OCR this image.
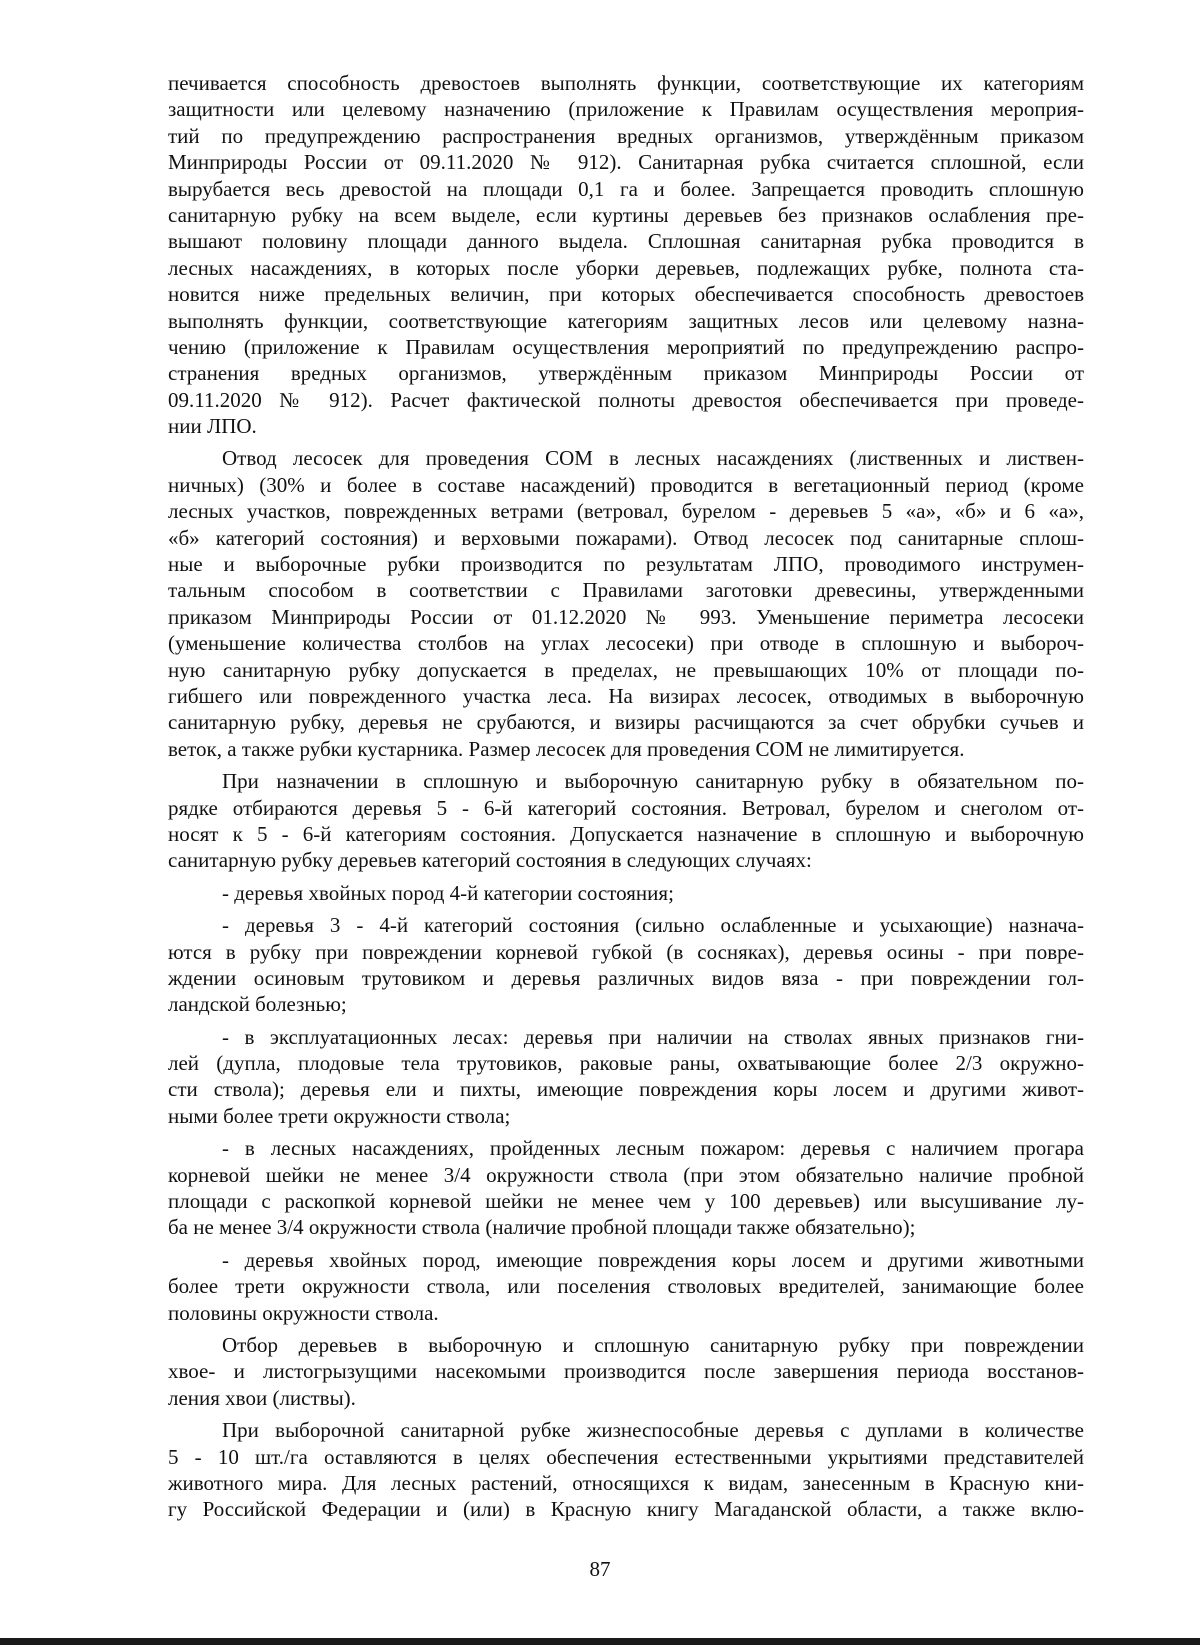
печивается способность древостоев выполнять функции, соответствующие их категориям
защитности или целевому назначению (приложение к Правилам осуществления мероприя-
тий по предупреждению распространения вредных организмов, утверждённым приказом
Минприроды России от 09.11.2020 № 912). Санитарная рубка считается сплошной, если
вырубается весь древостой на площади 0,1 га и более. Запрещается проводить сплошную
санитарную рубку на всем выделе, если куртины деревьев без признаков ослабления пре-
вышают половину площади данного выдела. Сплошная санитарная рубка проводится в
лесных насаждениях, в которых после уборки деревьев, подлежащих рубке, полнота ста-
новится ниже предельных величин, при которых обеспечивается способность древостоев
выполнять функции, соответствующие категориям защитных лесов или целевому назна-
чению (приложение к Правилам осуществления мероприятий по предупреждению распро-
странения вредных организмов, утверждённым приказом Минприроды России от
09.11.2020 № 912). Расчет фактической полноты древостоя обеспечивается при проведе-
нии ЛПО.
Отвод лесосек для проведения СОМ в лесных насаждениях (лиственных и листвен-
ничных) (30% и более в составе насаждений) проводится в вегетационный период (кроме
лесных участков, поврежденных ветрами (ветровал, бурелом - деревьев 5 «а», «б» и 6 «а»,
«б» категорий состояния) и верховыми пожарами). Отвод лесосек под санитарные сплош-
ные и выборочные рубки производится по результатам ЛПО, проводимого инструмен-
тальным способом в соответствии с Правилами заготовки древесины, утвержденными
приказом Минприроды России от 01.12.2020 № 993. Уменьшение периметра лесосеки
(уменьшение количества столбов на углах лесосеки) при отводе в сплошную и выбороч-
ную санитарную рубку допускается в пределах, не превышающих 10% от площади по-
гибшего или поврежденного участка леса. На визирах лесосек, отводимых в выборочную
санитарную рубку, деревья не срубаются, и визиры расчищаются за счет обрубки сучьев и
веток, а также рубки кустарника. Размер лесосек для проведения СОМ не лимитируется.
При назначении в сплошную и выборочную санитарную рубку в обязательном по-
рядке отбираются деревья 5 - 6-й категорий состояния. Ветровал, бурелом и снеголом от-
носят к 5 - 6-й категориям состояния. Допускается назначение в сплошную и выборочную
санитарную рубку деревьев категорий состояния в следующих случаях:
- деревья хвойных пород 4-й категории состояния;
- деревья 3 - 4-й категорий состояния (сильно ослабленные и усыхающие) назнача-
ются в рубку при повреждении корневой губкой (в сосняках), деревья осины - при повре-
ждении осиновым трутовиком и деревья различных видов вяза - при повреждении гол-
ландской болезнью;
- в эксплуатационных лесах: деревья при наличии на стволах явных признаков гни-
лей (дупла, плодовые тела трутовиков, раковые раны, охватывающие более 2/3 окружно-
сти ствола); деревья ели и пихты, имеющие повреждения коры лосем и другими живот-
ными более трети окружности ствола;
- в лесных насаждениях, пройденных лесным пожаром: деревья с наличием прогара
корневой шейки не менее 3/4 окружности ствола (при этом обязательно наличие пробной
площади с раскопкой корневой шейки не менее чем у 100 деревьев) или высушивание лу-
ба не менее 3/4 окружности ствола (наличие пробной площади также обязательно);
- деревья хвойных пород, имеющие повреждения коры лосем и другими животными
более трети окружности ствола, или поселения стволовых вредителей, занимающие более
половины окружности ствола.
Отбор деревьев в выборочную и сплошную санитарную рубку при повреждении
хвое- и листогрызущими насекомыми производится после завершения периода восстанов-
ления хвои (листвы).
При выборочной санитарной рубке жизнеспособные деревья с дуплами в количестве
5 - 10 шт./га оставляются в целях обеспечения естественными укрытиями представителей
животного мира. Для лесных растений, относящихся к видам, занесенным в Красную кни-
гу Российской Федерации и (или) в Красную книгу Магаданской области, а также вклю-
87
